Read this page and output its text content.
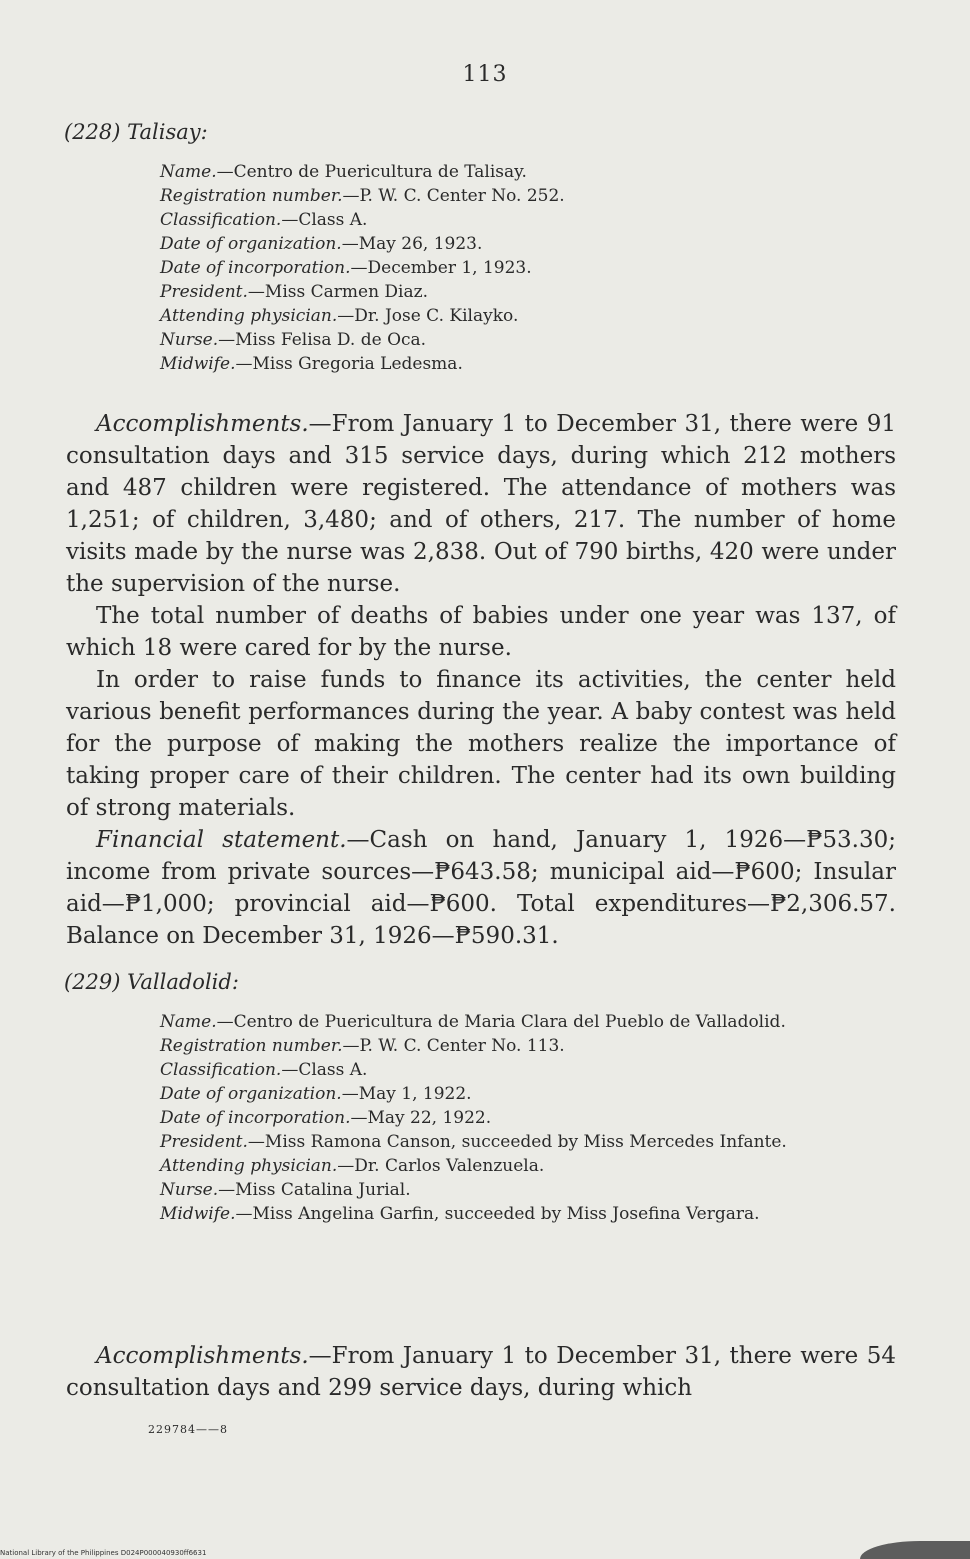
113
(228) Talisay:

Name.—Centro de Puericultura de Talisay.

Registration number.—P. W. C. Center No. 252.

Classification.—Class A.

Date of organization.—May 26, 1923.

Date of incorporation.—December 1, 1923.

President.—Miss Carmen Diaz.

Attending physician.—Dr. Jose C. Kilayko.

Nurse.—Miss Felisa D. de Oca.

Midwife.—Miss Gregoria Ledesma.

Accomplishments.—From January 1 to December 31, there were 91 consultation days and 315 service days, during which 212 mothers and 487 children were registered. The attendance of mothers was 1,251; of children, 3,480; and of others, 217. The number of home visits made by the nurse was 2,838. Out of 790 births, 420 were under the supervision of the nurse.

The total number of deaths of babies under one year was 137, of which 18 were cared for by the nurse.

In order to raise funds to finance its activities, the center held various benefit performances during the year. A baby contest was held for the purpose of making the mothers realize the importance of taking proper care of their children. The center had its own building of strong materials.

Financial statement.—Cash on hand, January 1, 1926—₱53.30; income from private sources—₱643.58; municipal aid—₱600; Insular aid—₱1,000; provincial aid—₱600. Total expenditures—₱2,306.57. Balance on December 31, 1926—₱590.31.

(229) Valladolid:

Name.—Centro de Puericultura de Maria Clara del Pueblo de Valladolid.

Registration number.—P. W. C. Center No. 113.

Classification.—Class A.

Date of organization.—May 1, 1922.

Date of incorporation.—May 22, 1922.

President.—Miss Ramona Canson, succeeded by Miss Mercedes Infante.

Attending physician.—Dr. Carlos Valenzuela.

Nurse.—Miss Catalina Jurial.

Midwife.—Miss Angelina Garfin, succeeded by Miss Josefina Vergara.

Accomplishments.—From January 1 to December 31, there were 54 consultation days and 299 service days, during which

229784——8
National Library of the Philippines D024P000040930ff6631
